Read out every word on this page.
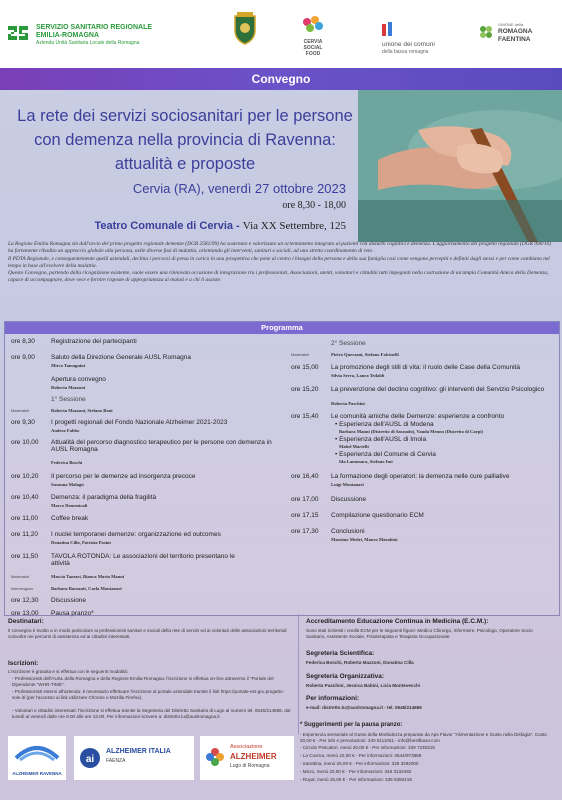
SERVIZIO SANITARIO REGIONALE
EMILIA-ROMAGNA
Azienda Unità Sanitaria Locale della Romagna	CERVIA
SOCIAL
FOOD
unione dei comuni
della bassa romagna
UNIONE della
ROMAGNA
FAENTINA
Convegno
La rete dei servizi sociosanitari per le persone con demenza nella provincia di Ravenna: attualità e proposte
Cervia (RA), venerdì 27 ottobre 2023
ore 8,30 - 18,00
Teatro Comunale di Cervia - Via XX Settembre, 125

La Regione Emilia Romagna sin dall'avvio del primo progetto regionale demenze (DGR 2581/99) ha sostenuto e valorizzato un orientamento integrato ai pazienti con disturbi cognitivi e demenza. L'aggiornamento del progetto regionale (DGR 990/16) ha fortemente ribadito un approccio globale alla persona, nelle diverse fasi di malattia, orientando gli interventi, sanitari e sociali, ad uno stretto coordinamento di rete.

Il PDTA Regionale, e conseguentemente quelli aziendali, declina i percorsi di presa in carico in una prospettiva che pone al centro i bisogni della persona e della sua famiglia così come vengono percepiti e definiti dagli stessi e per come cambiano nel tempo in base all'evolvere della malattia.

Questo Convegno, partendo dalla ricognizione esistente, vuole essere una rinnovata occasione di integrazione tra i professionisti, Associazioni, utenti, volontari e cittadini tutti impegnati nella costruzione di un'ampia Comunità Amica della Demenza, capace di accompagnare, dove vece e fornire risposte di appropriatezza ai malati e a chi li assiste.

Programma
ore 8,30	Registrazione dei partecipanti
ore 9,00	Saluto della Direzione Generale AUSL Romagna
Mirco Tamagnini
Apertura convegno
Roberta Mazzoni
1° Sessione
Moderatori	Roberta Mazzoni, Stefano Boni
ore 9,30	I progetti regionali del Fondo Nazionale Alzheimer 2021-2023
Andrea Fabbo
ore 10,00	Attualità del percorso diagnostico terapeutico per le persone con demenza in AUSL Romagna
Federica Boschi
ore 10,20	Il percorso per le demenze ad insorgenza precoce
Susanna Malagù
ore 10,40	Demenza: il paradigma della fragilità
Marco Domenicali
ore 11,00	Coffee break
ore 11,20	I nuclei temporanei demenze: organizzazione ed outcomes
Donatina Cilla, Patrizia Pasini
ore 11,50	TAVOLA ROTONDA: Le associazioni del territorio presentano le attività
Moderatori	Mascia Tazzari, Bianca Maria Manni
Intervengono	Barbara Barzanti, Carla Montanari
ore 12,30	Discussione
ore 13,00	Pausa pranzo*
2° Sessione
Moderatori	Pietro Querzani, Stefano Falcinelli
ore 15,00	La promozione degli stili di vita: il ruolo delle Case della Comunità
Silvia Serra, Laura Tedaldi
ore 15,20	La prevenzione del declino cognitivo: gli interventi del Servizio Psicologico
Roberta Paschini
ore 15,40	Le comunità amiche delle Demenze: esperienze a confronto
• Esperienza dell'AUSL di Modena
Barbara Manni (Distretto di Sassuolo), Vanda Menon (Distretto di Carpi)
• Esperienza dell'AUSL di Imola
Mabel Martelli
• Esperienza del Comune di Cervia
Ida Lamonaca, Stefano Imi
ore 16,40	La formazione degli operatori: la demenza nelle cure palliative
Luigi Montanari
ore 17,00	Discussione
ore 17,15	Compilazione questionario ECM
ore 17,30	Conclusioni
Massimo Medri, Mauro Marabini
Destinatari:
Il convegno è rivolto a in modo particolare ai professionisti sanitari e sociali della rete di servizi ed ai volontari delle associazioni territoriali coinvolte nei percorsi di assistenza ed ai cittadini interessati.
Iscrizioni:
L'iscrizione è gratuita e si effettua con le seguenti modalità:
- Professionisti dell'AUSL della Romagna e della Regione Emilia-Romagna: l'iscrizione si effettua on-line attraverso il "Portale del Dipendente "WHR-TIME".
- Professionisti esterni all'azienda: è necessario effettuare l'iscrizione al portale aziendale tramite il link https://portale-est-gru.progetto-sole.it/ (per l'accesso ai link utilizzare Chrome o Mozilla Firefox).
- Volontari e cittadini interessati: l'iscrizione si effettua tramite la Segreteria del Distretto Sanitario di Lugo al numero tel. 0545/214686, dal lunedì al venerdì dalle ore 9.00 alle ore 13.00. Per informazioni scrivere a: distretto.lu@auslromagna.it
Accreditamento Educazione Continua in Medicina (E.C.M.):
Sono stati richiesti i crediti ECM per le seguenti figure: Medico Chirurgo, Infermiere, Psicologo, Operatore Socio Sanitario, Assistente Sociale, Fisioterapista e Terapista Occupazionale.
Segreteria Scientifica:
Federica Boschi, Roberta Mazzoni, Donatina Cilla
Segreteria Organizzativa:
Roberta Paschini, Jessica Babini, Licia Montevecchi
Per informazioni:
e-mail: distretto.lu@auslromagna.it - tel. 0545/214686
* Suggerimenti per la pausa pranzo:
- Esperienza sensoriale al Gusto della Morbidezza preparato da Aps Flavor "Alimentazione e Gusto nella Disfagia". Costo 20,00 € - Per info e prenotazioni: 340 6111051 - info@bestflavor.com
- Circolo Pescatori, menù 20,00 € - Per informazioni: 339 7230318
- La Cuvrna, menù 22,00 € - Per informazioni: 0544/973889
- Sarettina, menù 25,00 € - Per informazioni: 328 3292000
- Micro, menù 20,00 € - Per informazioni: 348 3132492
- Royal, menù 25,00 € - Per informazioni: 335 6382419
ALZHEIMER RAVENNA
ai
ALZHEIMER ITALIA
FAENZA
Associazione
ALZHEIMER
Lugo di Romagna
